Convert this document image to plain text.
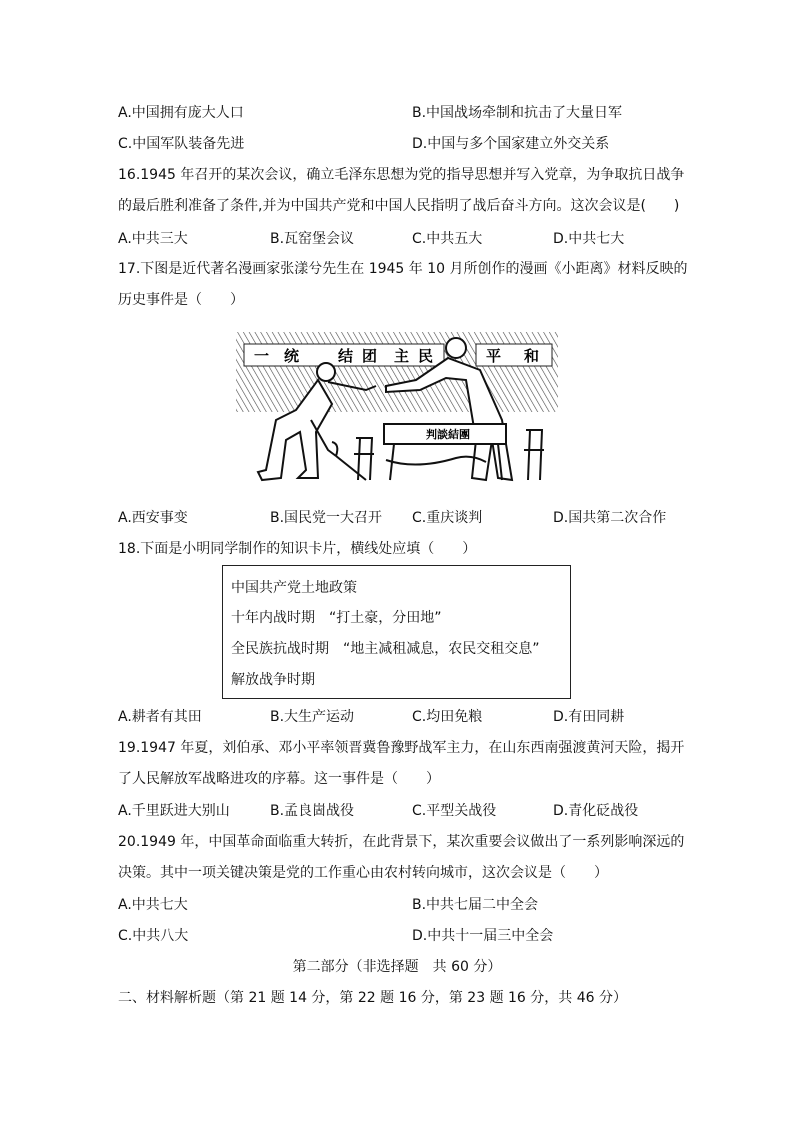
A.中国拥有庞大人口	B.中国战场牵制和抗击了大量日军
C.中国军队装备先进	D.中国与多个国家建立外交关系
16.1945 年召开的某次会议，确立毛泽东思想为党的指导思想并写入党章，为争取抗日战争
的最后胜利准备了条件,并为中国共产党和中国人民指明了战后奋斗方向。这次会议是(　　)
A.中共三大	B.瓦窑堡会议	C.中共五大	D.中共七大
17.下图是近代著名漫画家张漾兮先生在 1945 年 10 月所创作的漫画《小距离》材料反映的
历史事件是（　　）
一 统	结 团 主 民	平 和
判談結團
A.西安事变	B.国民党一大召开 C.重庆谈判	D.国共第二次合作
18.下面是小明同学制作的知识卡片，横线处应填（　　）
中国共产党土地政策
十年内战时期　“打土豪，分田地”
全民族抗战时期　“地主减租减息，农民交租交息”
解放战争时期
A.耕者有其田	B.大生产运动	C.均田免粮	D.有田同耕
19.1947 年夏，刘伯承、邓小平率领晋冀鲁豫野战军主力，在山东西南强渡黄河天险，揭开
了人民解放军战略进攻的序幕。这一事件是（　　）
A.千里跃进大别山	B.孟良崮战役	C.平型关战役	D.青化砭战役
20.1949 年，中国革命面临重大转折，在此背景下，某次重要会议做出了一系列影响深远的
决策。其中一项关键决策是党的工作重心由农村转向城市，这次会议是（　　）
A.中共七大	B.中共七届二中全会
C.中共八大	D.中共十一届三中全会
第二部分（非选择题　共 60 分）
二、材料解析题（第 21 题 14 分，第 22 题 16 分，第 23 题 16 分，共 46 分）
